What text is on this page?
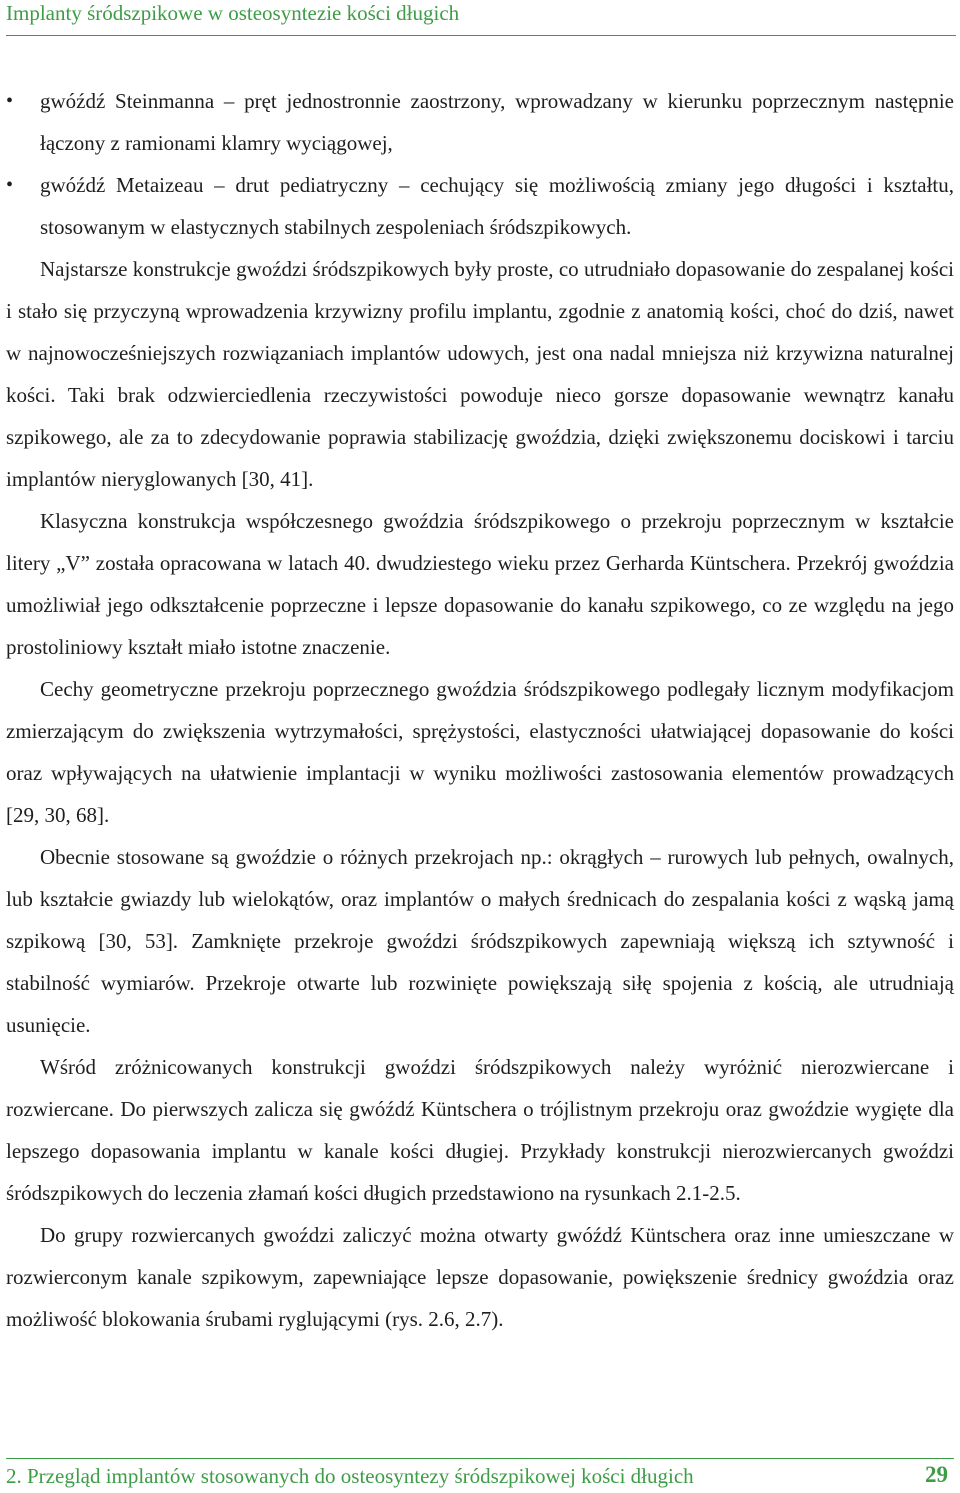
Implanty śródszpikowe w osteosyntezie kości długich
•	gwóźdź Steinmanna – pręt jednostronnie zaostrzony, wprowadzany w kierunku poprzecznym następnie łączony z ramionami klamry wyciągowej,
•	gwóźdź Metaizeau – drut pediatryczny – cechujący się możliwością zmiany jego długości i kształtu, stosowanym w elastycznych stabilnych zespoleniach śródszpikowych.

Najstarsze konstrukcje gwoździ śródszpikowych były proste, co utrudniało dopasowanie do zespalanej kości i stało się przyczyną wprowadzenia krzywizny profilu implantu, zgodnie z anatomią kości, choć do dziś, nawet w najnowocześniejszych rozwiązaniach implantów udowych, jest ona nadal mniejsza niż krzywizna naturalnej kości. Taki brak odzwierciedlenia rzeczywistości powoduje nieco gorsze dopasowanie wewnątrz kanału szpikowego, ale za to zdecydowanie poprawia stabilizację gwoździa, dzięki zwiększonemu dociskowi i tarciu implantów nieryglowanych [30, 41].

Klasyczna konstrukcja współczesnego gwoździa śródszpikowego o przekroju poprzecznym w kształcie litery „V” została opracowana w latach 40. dwudziestego wieku przez Gerharda Küntschera. Przekrój gwoździa umożliwiał jego odkształcenie poprzeczne i lepsze dopasowanie do kanału szpikowego, co ze względu na jego prostoliniowy kształt miało istotne znaczenie.

Cechy geometryczne przekroju poprzecznego gwoździa śródszpikowego podlegały licznym modyfikacjom zmierzającym do zwiększenia wytrzymałości, sprężystości, elastyczności ułatwiającej dopasowanie do kości oraz wpływających na ułatwienie implantacji w wyniku możliwości zastosowania elementów prowadzących [29, 30, 68].

Obecnie stosowane są gwoździe o różnych przekrojach np.: okrągłych – rurowych lub pełnych, owalnych, lub kształcie gwiazdy lub wielokątów, oraz implantów o małych średnicach do zespalania kości z wąską jamą szpikową [30, 53]. Zamknięte przekroje gwoździ śródszpikowych zapewniają większą ich sztywność i stabilność wymiarów. Przekroje otwarte lub rozwinięte powiększają siłę spojenia z kością, ale utrudniają usunięcie.

Wśród zróżnicowanych konstrukcji gwoździ śródszpikowych należy wyróżnić nierozwiercane i rozwiercane. Do pierwszych zalicza się gwóźdź Küntschera o trójlistnym przekroju oraz gwoździe wygięte dla lepszego dopasowania implantu w kanale kości długiej. Przykłady konstrukcji nierozwiercanych gwoździ śródszpikowych do leczenia złamań kości długich przedstawiono na rysunkach 2.1-2.5.

Do grupy rozwiercanych gwoździ zaliczyć można otwarty gwóźdź Küntschera oraz inne umieszczane w rozwierconym kanale szpikowym, zapewniające lepsze dopasowanie, powiększenie średnicy gwoździa oraz możliwość blokowania śrubami ryglującymi (rys. 2.6, 2.7).

2. Przegląd implantów stosowanych do osteosyntezy śródszpikowej kości długich	29
